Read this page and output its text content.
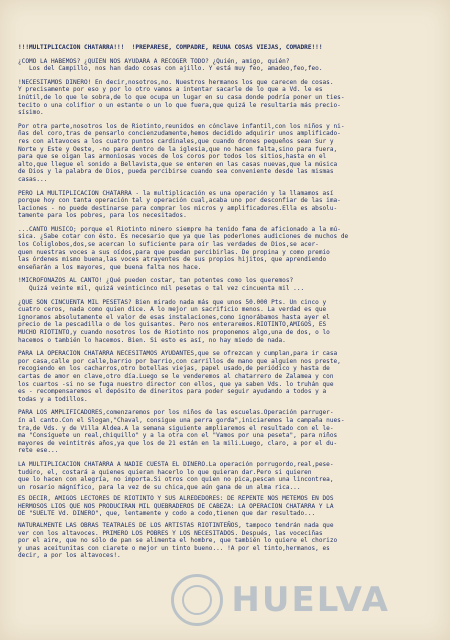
!!!MULTIPLICACION CHATARRA!!!  !PREPARESE, COMPADRE, REUNA COSAS VIEJAS, COMADRE!!!

¿COMO LA HABEMOS? ¿QUIEN NOS AYUDARA A RECOGER TODO? ¿Quién, amigo, quién?
Los del Campillo, nos han dado cosas con ajillo. Y está muy feo, amadeo,feo,feo.

!NECESITAMOS DINERO! En decir,nosotros,no. Nuestros hermanos los que carecen de cosas.
Y precisamente por eso y por lo otro vamos a intentar sacarle de lo que a Vd. le es
inútil,de lo que le sobra,de lo que ocupa un lugar en su casa donde podría poner un ties-
tecito o una colifior o un estante o un lo que fuera,que quizá le resultaría más precio-
sísimo.

Por otra parte,nosotros los de Riotinto,reunidos en cónclave infantil,con los niños y ni-
ñas del coro,tras de pensarlo concienzudamente,hemos decidido adquirir unos amplificado-
res con altavoces a los cuatro puntos cardinales,que cuando drones pequeños sean Sur y
Norte y Este y Oeste, -no para dentro de la iglesia,que no hacen falta,sino para fuera,
para que se oigan las armoniosas voces de los coros por todos los sitios,hasta en el
alto,que llegue el sonido a Bellavista,que se enteren en las casas nuevas,que la música
de Dios y la palabra de Dios, pueda percibirse cuando sea conveniente desde las mismas
casas...

PERO LA MULTIPLICACION CHATARRA - la multiplicación es una operación y la llamamos así
porque hoy con tanta operación tal y operación cual,acaba uno por desconfiar de las ima-
laciones - no puede destinarse para comprar los micros y amplificadores.Ella es absolu-
tamente para los pobres, para los necesitados.

...CANTO MUSICO; porque el Riotinto minero siempre ha tenido fama de aficionado a la mú-
sica. ¿Sabe cotar con ésto. Es necesario que ya que las poderlones audiciones de muchos de
los Coliglobos,dos,se acercan lo suficiente para oír las verdades de Dios,se acer-
quen nuestras voces a sus oídos,para que puedan percibirlas. De propina y como premio
las órdenes mismo buena,las voces atrayentes de sus propios hijitos, que aprendiendo
enseñarán a los mayores, que buena falta nos hace.

!MICROFONAZOS AL CANTO! ¿Qué pueden costar, tan potentes como los queremos?
Quizá veinte mil, quizá veinticinco mil pesetas o tal vez cincuenta mil ...

¿QUE SON CINCUENTA MIL PESETAS? Bien mirado nada más que unos 50.000 Pts. Un cinco y
cuatro ceros, nada como quien dice. A lo mejor un sacrificio menos. La verdad es que
ignoramos absolutamente el valor de esas instalaciones,como ignorábamos hasta ayer el
precio de la pescadilla o de los guisantes. Pero nos enteraremos.RIOTINTO,AMIGOS, ES
MUCHO RIOTINTO,y cuando nosotros los de Riotinto nos proponemos algo,una de dos, o lo
hacemos o también lo hacemos. Bien. Si esto es así, no hay miedo de nada.

PARA LA OPERACION CHATARRA NECESITAMOS AYUDANTES,que se ofrezcan y cumplan,para ir casa
por casa,calle por calle,barrio por barrio,con carrillos de mano que alguien nos preste,
recogiendo en los cacharros,otro botellas viejas, papel usado,de periódico y hasta de
cartas de amor en clave,otro día.Luego se le venderemos al chatarrero de Zalamea y con
los cuartos -si no se fuga nuestro director con ellos, que ya saben Vds. lo truhán que
es - recompensaremos el depósito de dineritos para poder seguir ayudando a todos y a
todas y a todillos.

PARA LOS AMPLIFICADORES,comenzaremos por los niños de las escuelas.Operación parruger-
ín al canto.Con el Slogan,"Chaval, consigue una perra gorda",iniciaremos la campaña nues-
tra,de Vds. y de Villa Aldea.A la semana siguiente ampliaremos el resultado con el le-
ma "Consíguete un real,chiquillo" y a la otra con el "Vamos por una peseta", para niños
mayores de veintitrés años,ya que los de 21 están en la mili.Luego, claro, a por el du-
rete ese...

LA MULTIPLICACION CHATARRA A NADIE CUESTA EL DINERO.La operación porrugordo,real,pese-
tudúro, el, costará a quienes quieran hacerlo lo que quieran dar.Pero si quieren
que lo hacen con alegría, no importa.Si otros con quien no pica,pescan una lincontrea,
un rosario mágnífico, para la vez de su chica,que aún gana de un alma rica...

ES DECIR, AMIGOS LECTORES DE RIOTINTO Y SUS ALREDEDORES: DE REPENTE NOS METEMOS EN DOS
HERMOSOS LIOS QUE NOS PRODUCIRAN MIL QUEBRADEROS DE CABEZA: LA OPERACION CHATARRA Y LA
DE "SUELTE Vd. DINERO", que, lentamente y codo a codo,tienen que dar resultado...

NATURALMENTE LAS OBRAS TEATRALES DE LOS ARTISTAS RIOTINTEÑOS, tampoco tendrán nada que
ver con los altavoces. PRIMERO LOS POBRES Y LOS NECESITADOS. Después, las voceciñas
por el aire, que no sólo de pan se alimenta el hombre, que también lo quiere el chorizo
y unas aceitunitas con ciarete o mejor un tinto bueno... !A por el tinto,hermanos, es
decir, a por los altavoces!.

HUELVA
